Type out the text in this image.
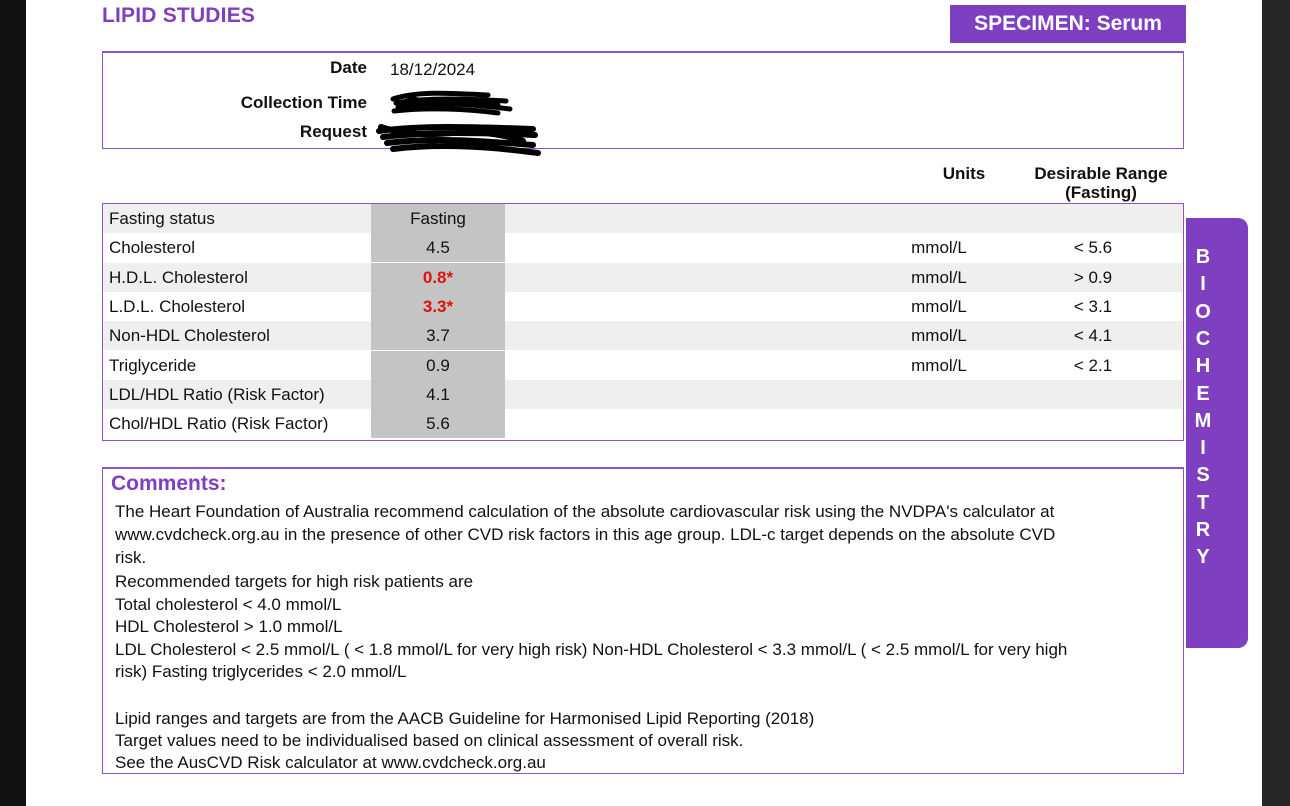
LIPID STUDIES	SPECIMEN: Serum
Date 18/12/2024
Collection Time
Request
Units	Desirable Range
(Fasting)
Fasting status	Fasting
Cholesterol	4.5	mmol/L	< 5.6
H.D.L. Cholesterol	0.8*	mmol/L	> 0.9
L.D.L. Cholesterol	3.3*	mmol/L	< 3.1
Non-HDL Cholesterol	3.7	mmol/L	< 4.1
Triglyceride	0.9	mmol/L	< 2.1
LDL/HDL Ratio (Risk Factor)	4.1
Chol/HDL Ratio (Risk Factor)	5.6
Comments:
The Heart Foundation of Australia recommend calculation of the absolute cardiovascular risk using the NVDPA's calculator at
www.cvdcheck.org.au in the presence of other CVD risk factors in this age group. LDL-c target depends on the absolute CVD
risk.
Recommended targets for high risk patients are
Total cholesterol < 4.0 mmol/L
HDL Cholesterol > 1.0 mmol/L
LDL Cholesterol < 2.5 mmol/L ( < 1.8 mmol/L for very high risk) Non-HDL Cholesterol < 3.3 mmol/L ( < 2.5 mmol/L for very high
risk) Fasting triglycerides < 2.0 mmol/L
Lipid ranges and targets are from the AACB Guideline for Harmonised Lipid Reporting (2018)
Target values need to be individualised based on clinical assessment of overall risk.
See the AusCVD Risk calculator at www.cvdcheck.org.au
B
I
O
C
H
E
M
I
S
T
R
Y
